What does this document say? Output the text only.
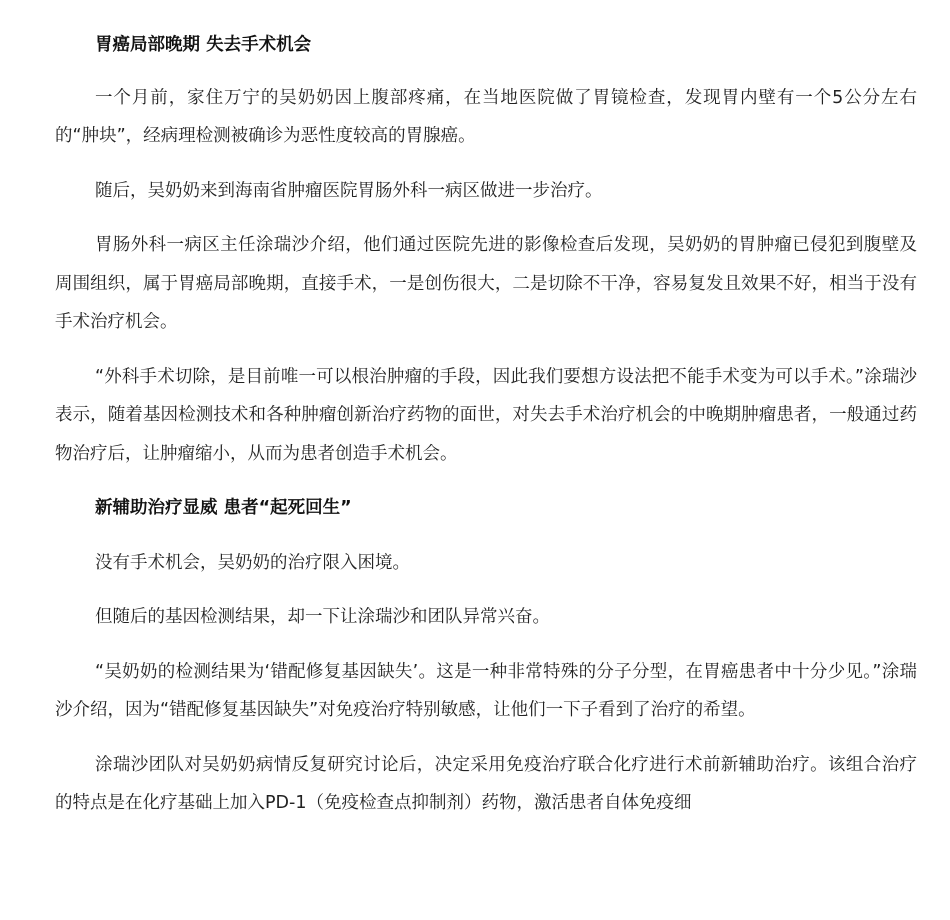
胃癌局部晚期 失去手术机会

一个月前，家住万宁的吴奶奶因上腹部疼痛，在当地医院做了胃镜检查，发现胃内壁有一个5公分左右的“肿块”，经病理检测被确诊为恶性度较高的胃腺癌。

随后，吴奶奶来到海南省肿瘤医院胃肠外科一病区做进一步治疗。

胃肠外科一病区主任涂瑞沙介绍，他们通过医院先进的影像检查后发现，吴奶奶的胃肿瘤已侵犯到腹壁及周围组织，属于胃癌局部晚期，直接手术，一是创伤很大，二是切除不干净，容易复发且效果不好，相当于没有手术治疗机会。

“外科手术切除，是目前唯一可以根治肿瘤的手段，因此我们要想方设法把不能手术变为可以手术。”涂瑞沙表示，随着基因检测技术和各种肿瘤创新治疗药物的面世，对失去手术治疗机会的中晚期肿瘤患者，一般通过药物治疗后，让肿瘤缩小，从而为患者创造手术机会。

新辅助治疗显威 患者“起死回生”

没有手术机会，吴奶奶的治疗限入困境。

但随后的基因检测结果，却一下让涂瑞沙和团队异常兴奋。

“吴奶奶的检测结果为‘错配修复基因缺失’。这是一种非常特殊的分子分型，在胃癌患者中十分少见。”涂瑞沙介绍，因为“错配修复基因缺失”对免疫治疗特别敏感，让他们一下子看到了治疗的希望。

涂瑞沙团队对吴奶奶病情反复研究讨论后，决定采用免疫治疗联合化疗进行术前新辅助治疗。该组合治疗的特点是在化疗基础上加入PD-1（免疫检查点抑制剂）药物，激活患者自体免疫细
